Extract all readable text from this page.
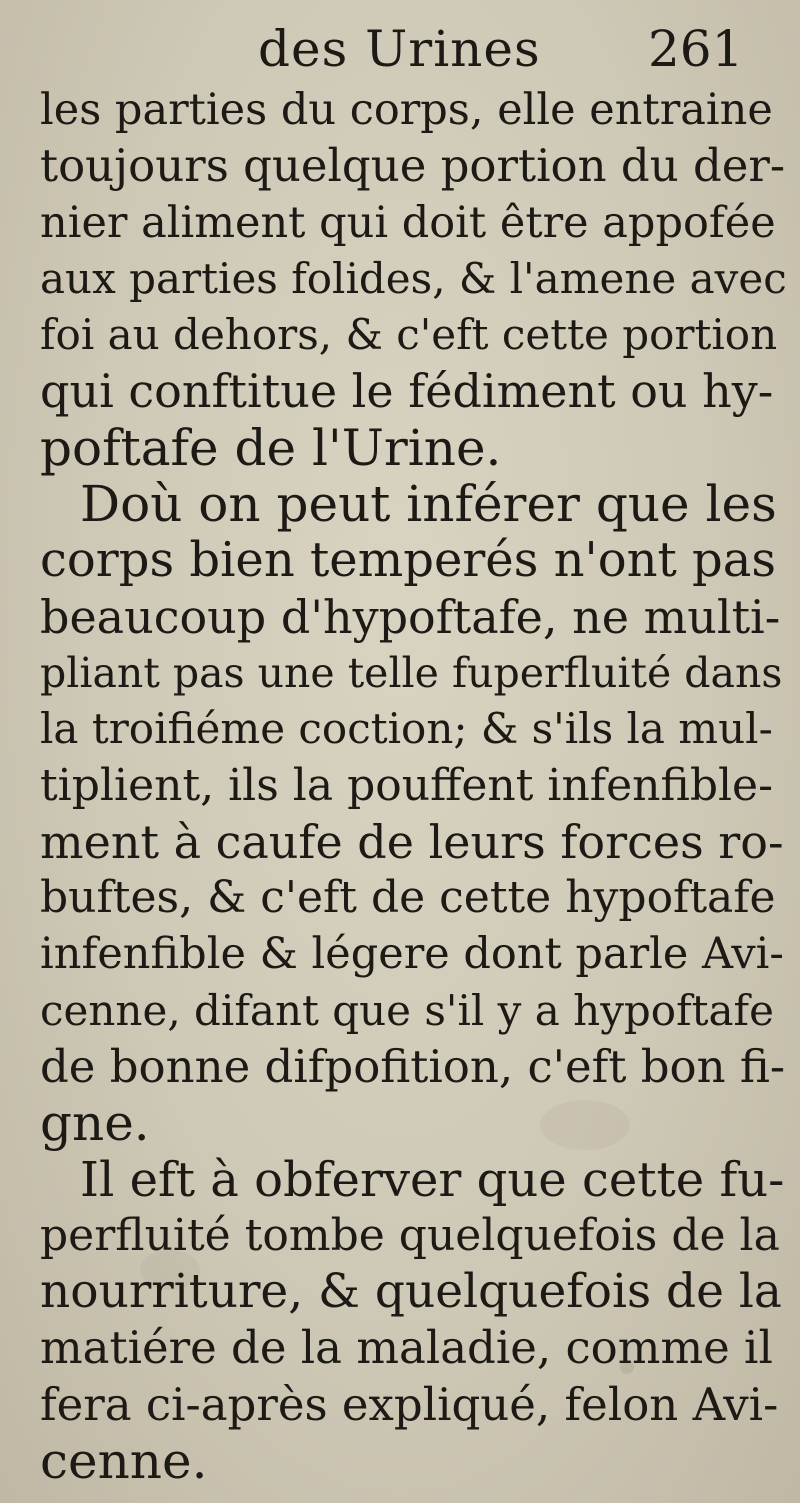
des Urines 261
les parties du corps, elle entraine
toujours quelque portion du der-
nier aliment qui doit être appofée
aux parties folides, & l'amene avec
foi au dehors, & c'eft cette portion
qui conftitue le fédiment ou hy-
poftafe de l'Urine.
Doù on peut inférer que les
corps bien temperés n'ont pas
beaucoup d'hypoftafe, ne multi-
pliant pas une telle fuperfluité dans
la troifiéme coction; & s'ils la mul-
tiplient, ils la pouffent infenfible-
ment à caufe de leurs forces ro-
buftes, & c'eft de cette hypoftafe
infenfible & légere dont parle Avi-
cenne, difant que s'il y a hypoftafe
de bonne difpofition, c'eft bon fi-
gne.
Il eft à obferver que cette fu-
perfluité tombe quelquefois de la
nourriture, & quelquefois de la
matiére de la maladie, comme il
fera ci-après expliqué, felon Avi-
cenne.
